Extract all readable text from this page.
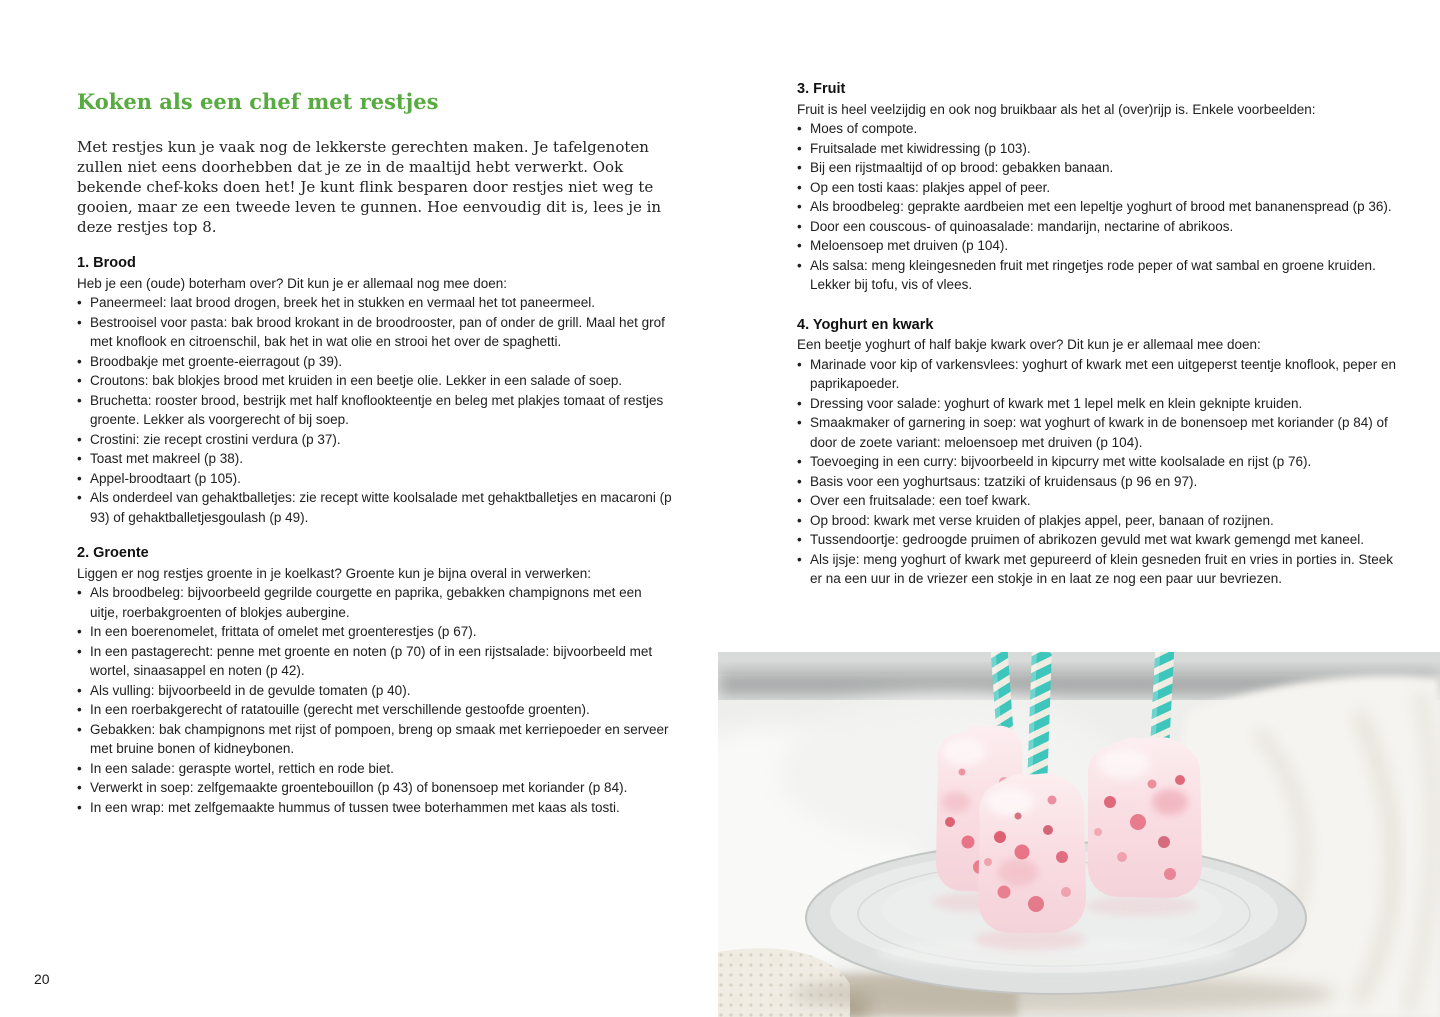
Koken als een chef met restjes

Met restjes kun je vaak nog de lekkerste gerechten maken. Je tafelgenoten zullen niet eens doorhebben dat je ze in de maaltijd hebt verwerkt. Ook bekende chef-koks doen het! Je kunt flink besparen door restjes niet weg te gooien, maar ze een tweede leven te gunnen. Hoe eenvoudig dit is, lees je in deze restjes top 8.

1. Brood

Heb je een (oude) boterham over? Dit kun je er allemaal nog mee doen:

• Paneermeel: laat brood drogen, breek het in stukken en vermaal het tot paneermeel.
• Bestrooisel voor pasta: bak brood krokant in de broodrooster, pan of onder de grill. Maal het grof met knoflook en citroenschil, bak het in wat olie en strooi het over de spaghetti.
• Broodbakje met groente-eierragout (p 39).
• Croutons: bak blokjes brood met kruiden in een beetje olie. Lekker in een salade of soep.
• Bruchetta: rooster brood, bestrijk met half knoflookteentje en beleg met plakjes tomaat of restjes groente. Lekker als voorgerecht of bij soep.
• Crostini: zie recept crostini verdura (p 37).
• Toast met makreel (p 38).
• Appel-broodtaart (p 105).
• Als onderdeel van gehaktballetjes: zie recept witte koolsalade met gehaktballetjes en macaroni (p 93) of gehaktballetjesgoulash (p 49).
2. Groente

Liggen er nog restjes groente in je koelkast? Groente kun je bijna overal in verwerken:

• Als broodbeleg: bijvoorbeeld gegrilde courgette en paprika, gebakken champignons met een uitje, roerbakgroenten of blokjes aubergine.
• In een boerenomelet, frittata of omelet met groenterestjes (p 67).
• In een pastagerecht: penne met groente en noten (p 70) of in een rijstsalade: bijvoorbeeld met wortel, sinaasappel en noten (p 42).
• Als vulling: bijvoorbeeld in de gevulde tomaten (p 40).
• In een roerbakgerecht of ratatouille (gerecht met verschillende gestoofde groenten).
• Gebakken: bak champignons met rijst of pompoen, breng op smaak met kerriepoeder en serveer met bruine bonen of kidneybonen.
• In een salade: geraspte wortel, rettich en rode biet.
• Verwerkt in soep: zelfgemaakte groentebouillon (p 43) of bonensoep met koriander (p 84).
• In een wrap: met zelfgemaakte hummus of tussen twee boterhammen met kaas als tosti.
3. Fruit

Fruit is heel veelzijdig en ook nog bruikbaar als het al (over)rijp is. Enkele voorbeelden:

• Moes of compote.
• Fruitsalade met kiwidressing (p 103).
• Bij een rijstmaaltijd of op brood: gebakken banaan.
• Op een tosti kaas: plakjes appel of peer.
• Als broodbeleg: geprakte aardbeien met een lepeltje yoghurt of brood met bananenspread (p 36).
• Door een couscous- of quinoasalade: mandarijn, nectarine of abrikoos.
• Meloensoep met druiven (p 104).
• Als salsa: meng kleingesneden fruit met ringetjes rode peper of wat sambal en groene kruiden. Lekker bij tofu, vis of vlees.
4. Yoghurt en kwark

Een beetje yoghurt of half bakje kwark over? Dit kun je er allemaal mee doen:

• Marinade voor kip of varkensvlees: yoghurt of kwark met een uitgeperst teentje knoflook, peper en paprikapoeder.
• Dressing voor salade: yoghurt of kwark met 1 lepel melk en klein geknipte kruiden.
• Smaakmaker of garnering in soep: wat yoghurt of kwark in de bonensoep met koriander (p 84) of door de zoete variant: meloensoep met druiven (p 104).
• Toevoeging in een curry: bijvoorbeeld in kipcurry met witte koolsalade en rijst (p 76).
• Basis voor een yoghurtsaus: tzatziki of kruidensaus (p 96 en 97).
• Over een fruitsalade: een toef kwark.
• Op brood: kwark met verse kruiden of plakjes appel, peer, banaan of rozijnen.
• Tussendoortje: gedroogde pruimen of abrikozen gevuld met wat kwark gemengd met kaneel.
• Als ijsje: meng yoghurt of kwark met gepureerd of klein gesneden fruit en vries in porties in. Steek er na een uur in de vriezer een stokje in en laat ze nog een paar uur bevriezen.
20
